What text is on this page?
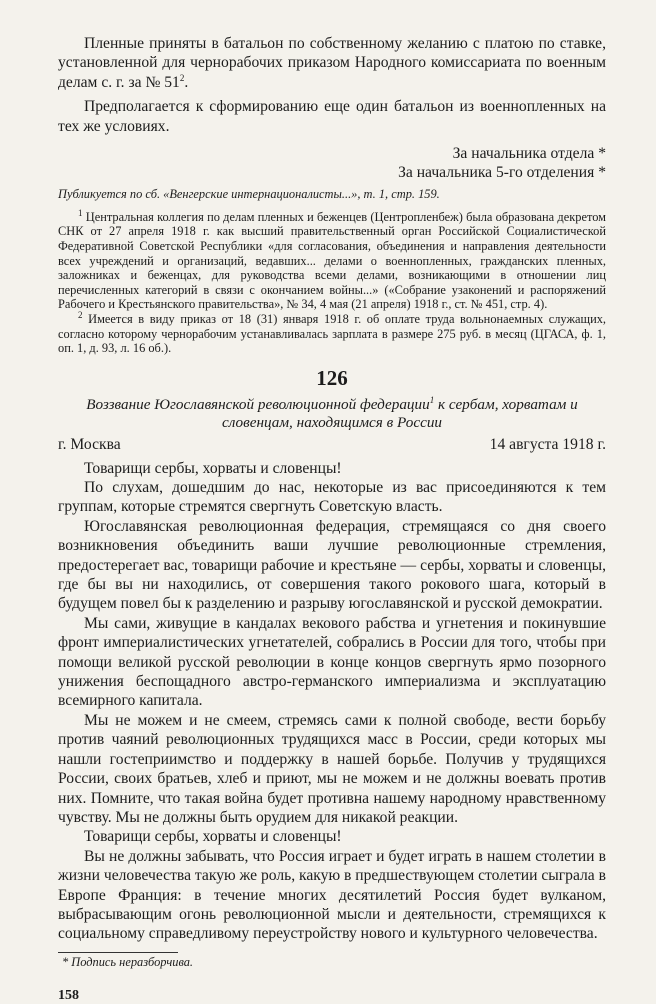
Пленные приняты в батальон по собственному желанию с платою по ставке, установленной для чернорабочих приказом Народного комиссариата по военным делам с. г. за № $51^2$.

Предполагается к сформированию еще один батальон из военнопленных на тех же условиях.

За начальника отдела *
За начальника 5-го отделения *
Публикуется по сб. «Венгерские интернационалисты...», т. 1, стр. 159.

$^1$ Центральная коллегия по делам пленных и беженцев (Центропленбеж) была образована декретом СНК от 27 апреля 1918 г. как высший правительственный орган Российской Социалистической Федеративной Советской Республики «для согласования, объединения и направления деятельности всех учреждений и организаций, ведавших... делами о военнопленных, гражданских пленных, заложниках и беженцах, для руководства всеми делами, возникающими в отношении лиц перечисленных категорий в связи с окончанием войны...» («Собрание узаконений и распоряжений Рабочего и Крестьянского правительства», № 34, 4 мая (21 апреля) 1918 г., ст. № 451, стр. 4).

$^2$ Имеется в виду приказ от 18 (31) января 1918 г. об оплате труда вольнонаемных служащих, согласно которому чернорабочим устанавливалась зарплата в размере 275 руб. в месяц (ЦГАСА, ф. 1, оп. 1, д. 93, л. 16 об.).

126
Воззвание Югославянской революционной федерации$^1$ к сербам, хорватам и словенцам, находящимся в России
г. Москва	14 августа 1918 г.

Товарищи сербы, хорваты и словенцы!

По слухам, дошедшим до нас, некоторые из вас присоединяются к тем группам, которые стремятся свергнуть Советскую власть.

Югославянская революционная федерация, стремящаяся со дня своего возникновения объединить ваши лучшие революционные стремления, предостерегает вас, товарищи рабочие и крестьяне — сербы, хорваты и словенцы, где бы вы ни находились, от совершения такого рокового шага, который в будущем повел бы к разделению и разрыву югославянской и русской демократии.

Мы сами, живущие в кандалах векового рабства и угнетения и покинувшие фронт империалистических угнетателей, собрались в России для того, чтобы при помощи великой русской революции в конце концов свергнуть ярмо позорного унижения беспощадного австро-германского империализма и эксплуатацию всемирного капитала.

Мы не можем и не смеем, стремясь сами к полной свободе, вести борьбу против чаяний революционных трудящихся масс в России, среди которых мы нашли гостеприимство и поддержку в нашей борьбе. Получив у трудящихся России, своих братьев, хлеб и приют, мы не можем и не должны воевать против них. Помните, что такая война будет противна нашему народному нравственному чувству. Мы не должны быть орудием для никакой реакции.

Товарищи сербы, хорваты и словенцы!

Вы не должны забывать, что Россия играет и будет играть в нашем столетии в жизни человечества такую же роль, какую в предшествующем столетии сыграла в Европе Франция: в течение многих десятилетий Россия будет вулканом, выбрасывающим огонь революционной мысли и деятельности, стремящихся к социальному справедливому переустройству нового и культурного человечества.

* Подпись неразборчива.
158
